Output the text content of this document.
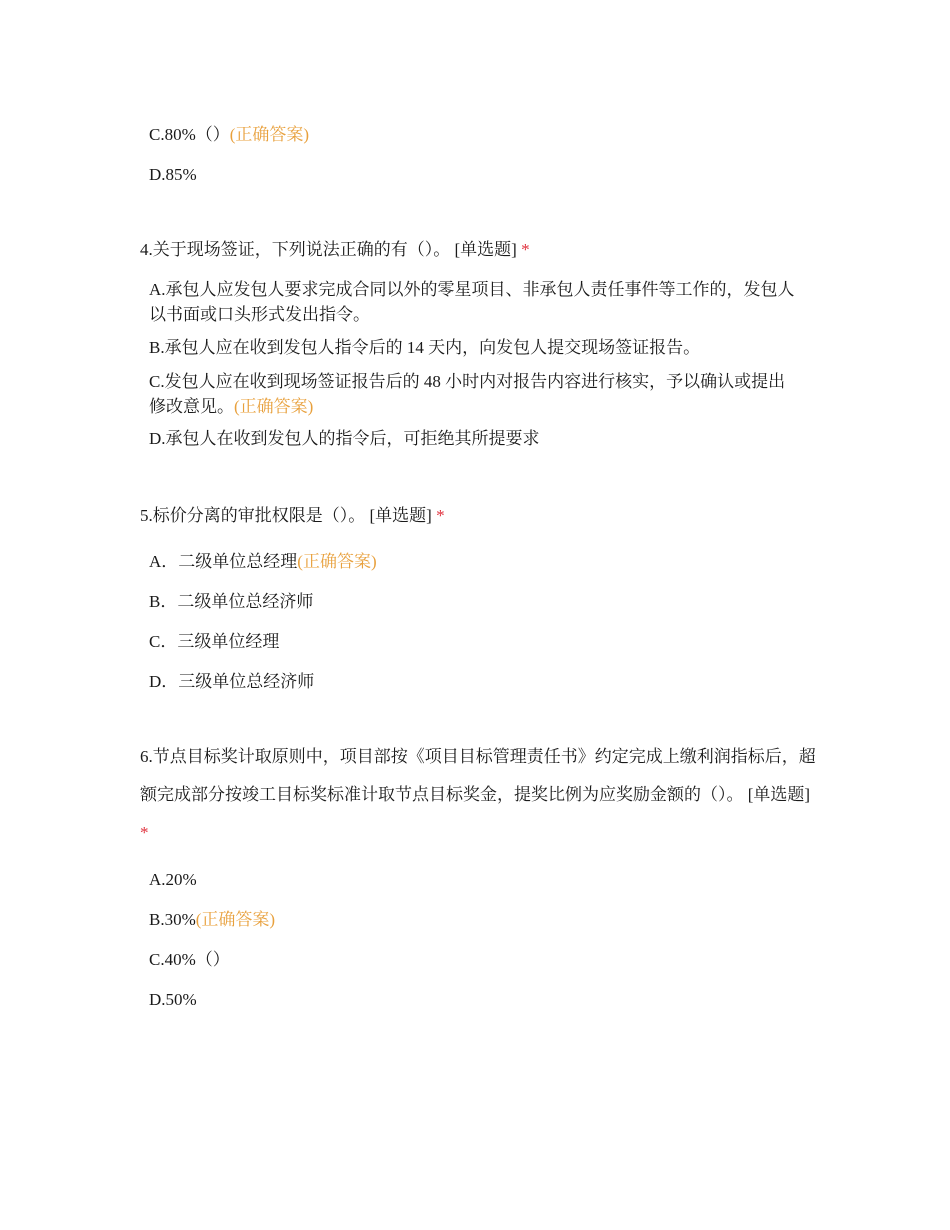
C.80%（）(正确答案)
D.85%
4.关于现场签证，下列说法正确的有（）。 [单选题] *
A.承包人应发包人要求完成合同以外的零星项目、非承包人责任事件等工作的，发包人以书面或口头形式发出指令。
B.承包人应在收到发包人指令后的 14 天内，向发包人提交现场签证报告。
C.发包人应在收到现场签证报告后的 48 小时内对报告内容进行核实，予以确认或提出修改意见。(正确答案)
D.承包人在收到发包人的指令后，可拒绝其所提要求
5.标价分离的审批权限是（）。 [单选题] *
A．二级单位总经理(正确答案)
B．二级单位总经济师
C．三级单位经理
D．三级单位总经济师
6.节点目标奖计取原则中，项目部按《项目目标管理责任书》约定完成上缴利润指标后，超额完成部分按竣工目标奖标准计取节点目标奖金，提奖比例为应奖励金额的（）。 [单选题] *
A.20%
B.30%(正确答案)
C.40%（）
D.50%
